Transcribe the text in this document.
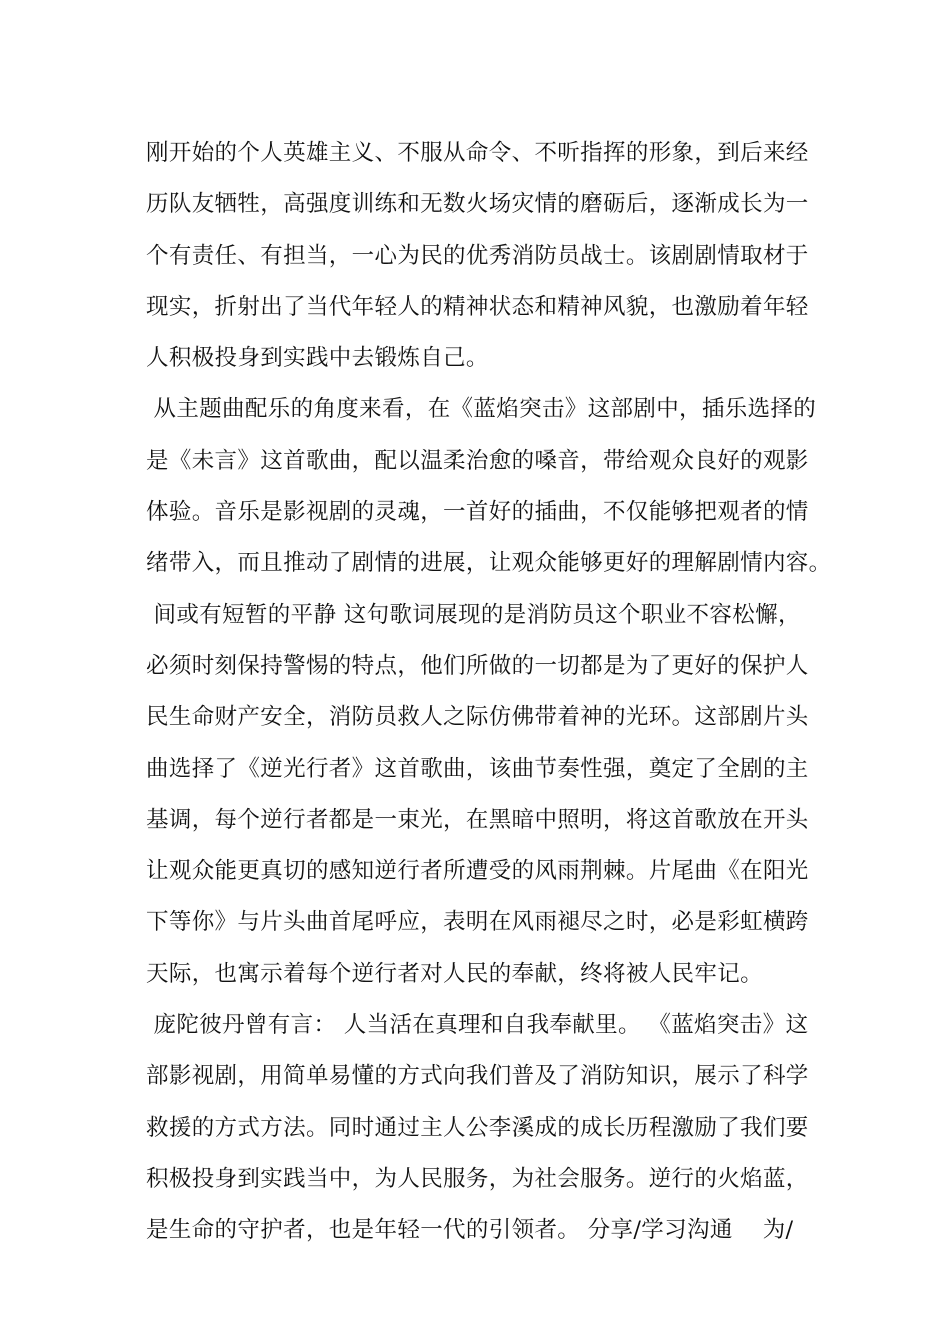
刚开始的个人英雄主义、不服从命令、不听指挥的形象，到后来经
历队友牺牲，高强度训练和无数火场灾情的磨砺后，逐渐成长为一
个有责任、有担当，一心为民的优秀消防员战士。该剧剧情取材于
现实，折射出了当代年轻人的精神状态和精神风貌，也激励着年轻
人积极投身到实践中去锻炼自己。
从主题曲配乐的角度来看，在《蓝焰突击》这部剧中，插乐选择的
是《未言》这首歌曲，配以温柔治愈的嗓音，带给观众良好的观影
体验。音乐是影视剧的灵魂，一首好的插曲，不仅能够把观者的情
绪带入，而且推动了剧情的进展，让观众能够更好的理解剧情内容。
间或有短暂的平静 这句歌词展现的是消防员这个职业不容松懈，
必须时刻保持警惕的特点，他们所做的一切都是为了更好的保护人
民生命财产安全，消防员救人之际仿佛带着神的光环。这部剧片头
曲选择了《逆光行者》这首歌曲，该曲节奏性强，奠定了全剧的主
基调，每个逆行者都是一束光，在黑暗中照明，将这首歌放在开头
让观众能更真切的感知逆行者所遭受的风雨荆棘。片尾曲《在阳光
下等你》与片头曲首尾呼应，表明在风雨褪尽之时，必是彩虹横跨
天际，也寓示着每个逆行者对人民的奉献，终将被人民牢记。
庞陀彼丹曾有言： 人当活在真理和自我奉献里。 《蓝焰突击》这
部影视剧，用简单易懂的方式向我们普及了消防知识，展示了科学
救援的方式方法。同时通过主人公李溪成的成长历程激励了我们要
积极投身到实践当中，为人民服务，为社会服务。逆行的火焰蓝，
是生命的守护者，也是年轻一代的引领者。 分享/学习沟通    为/
